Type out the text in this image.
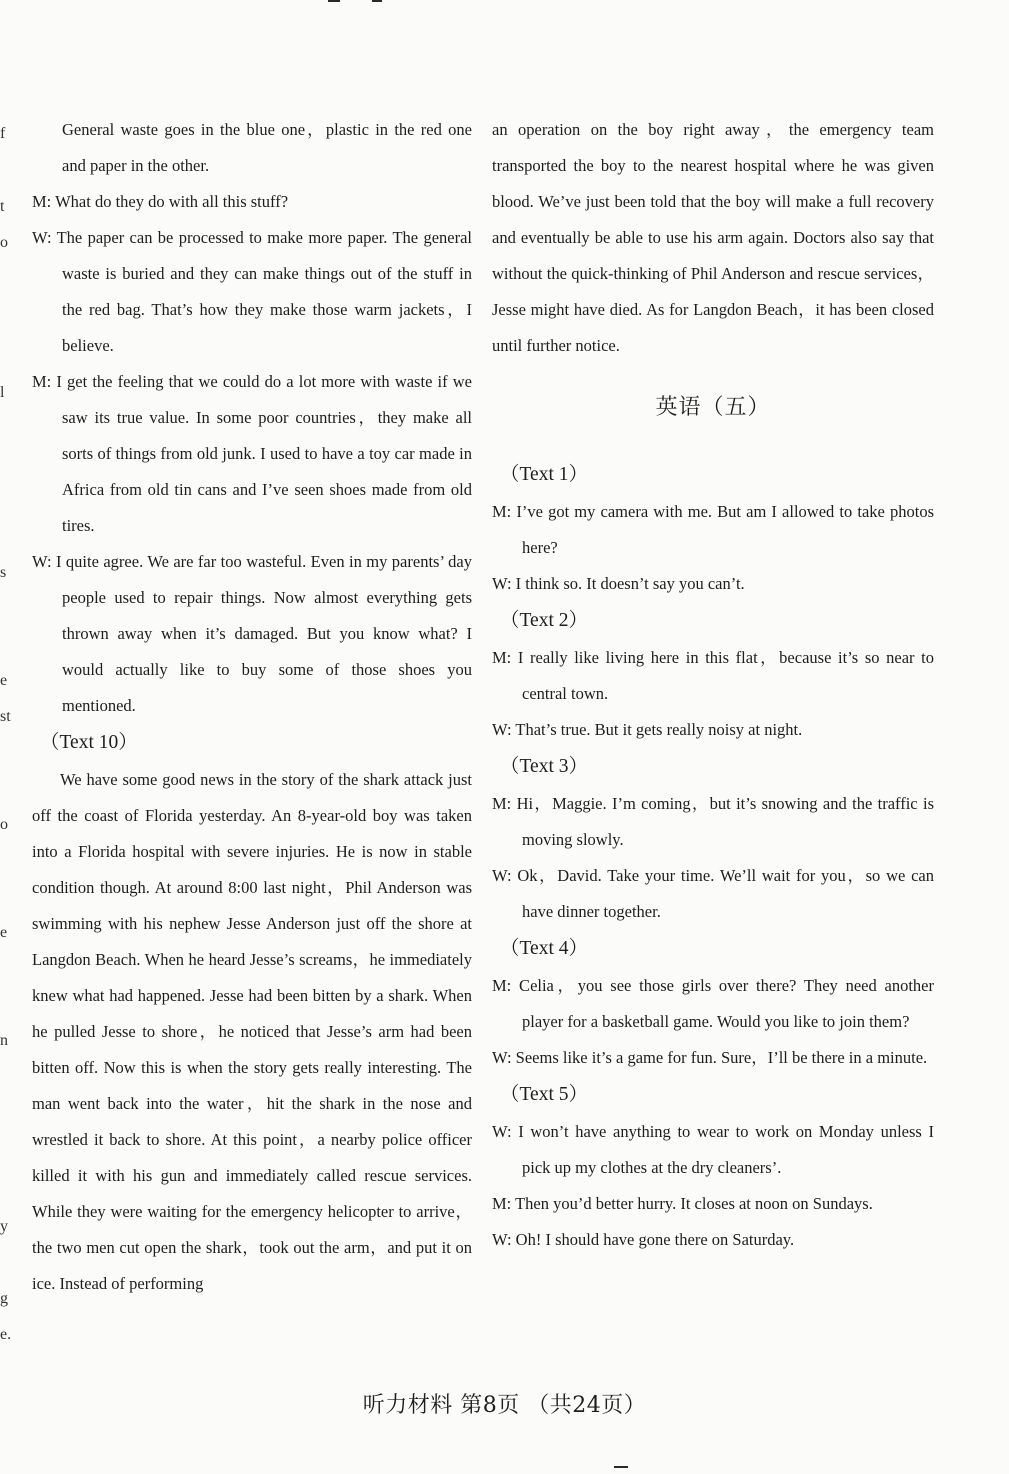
f
t
o
l
s
e
st
o
e
n
y
g
e.

General waste goes in the blue one，plastic in the red one and paper in the other.

M: What do they do with all this stuff?

W: The paper can be processed to make more paper. The general waste is buried and they can make things out of the stuff in the red bag. That’s how they make those warm jackets，I believe.

M: I get the feeling that we could do a lot more with waste if we saw its true value. In some poor countries，they make all sorts of things from old junk. I used to have a toy car made in Africa from old tin cans and I’ve seen shoes made from old tires.

W: I quite agree. We are far too wasteful. Even in my parents’ day people used to repair things. Now almost everything gets thrown away when it’s damaged. But you know what? I would actually like to buy some of those shoes you mentioned.

（Text 10）

We have some good news in the story of the shark attack just off the coast of Florida yesterday. An 8-year-old boy was taken into a Florida hospital with severe injuries. He is now in stable condition though. At around 8:00 last night，Phil Anderson was swimming with his nephew Jesse Anderson just off the shore at Langdon Beach. When he heard Jesse’s screams，he immediately knew what had happened. Jesse had been bitten by a shark. When he pulled Jesse to shore，he noticed that Jesse’s arm had been bitten off. Now this is when the story gets really interesting. The man went back into the water，hit the shark in the nose and wrestled it back to shore. At this point，a nearby police officer killed it with his gun and immediately called rescue services. While they were waiting for the emergency helicopter to arrive，the two men cut open the shark，took out the arm，and put it on ice. Instead of performing

an operation on the boy right away，the emergency team transported the boy to the nearest hospital where he was given blood. We’ve just been told that the boy will make a full recovery and eventually be able to use his arm again. Doctors also say that without the quick-thinking of Phil Anderson and rescue services，Jesse might have died. As for Langdon Beach，it has been closed until further notice.

英语（五）

（Text 1）

M: I’ve got my camera with me. But am I allowed to take photos here?

W: I think so. It doesn’t say you can’t.

（Text 2）

M: I really like living here in this flat，because it’s so near to central town.

W: That’s true. But it gets really noisy at night.

（Text 3）

M: Hi，Maggie. I’m coming，but it’s snowing and the traffic is moving slowly.

W: Ok，David. Take your time. We’ll wait for you，so we can have dinner together.

（Text 4）

M: Celia，you see those girls over there? They need another player for a basketball game. Would you like to join them?

W: Seems like it’s a game for fun. Sure，I’ll be there in a minute.

（Text 5）

W: I won’t have anything to wear to work on Monday unless I pick up my clothes at the dry cleaners’.

M: Then you’d better hurry. It closes at noon on Sundays.

W: Oh! I should have gone there on Saturday.

听力材料 第8页 （共24页）
